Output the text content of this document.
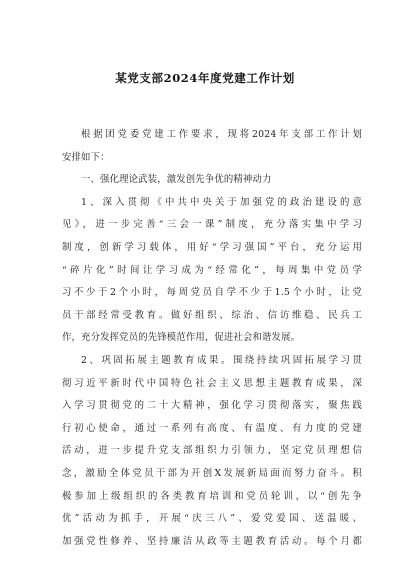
某党支部2024年度党建工作计划
根据团党委党建工作要求，现将2024年支部工作计划
安排如下：
一、强化理论武装，激发创先争优的精神动力
1、深入贯彻《中共中央关于加强党的政治建设的意
见》，进一步完善“三会一课”制度，充分落实集中学习
制度，创新学习载体，用好“学习强国”平台，充分运用
“碎片化”时间让学习成为“经常化”，每周集中党员学
习不少于2个小时，每周党员自学不少于1.5个小时，让党
员干部经常受教育。做好组织、综治、信访维稳、民兵工
作，充分发挥党员的先锋模范作用，促进社会和谐发展。
2、巩固拓展主题教育成果。围绕持续巩固拓展学习贯
彻习近平新时代中国特色社会主义思想主题教育成果，深
入学习贯彻党的二十大精神，强化学习贯彻落实，聚焦践
行初心使命，通过一系列有高度、有温度、有力度的党建
活动，进一步提升党支部组织力引领力，坚定党员理想信
念，激励全体党员干部为开创X发展新局面而努力奋斗。积
极参加上级组织的各类教育培训和党员轮训，以“创先争
优”活动为抓手，开展“庆三八”、爱党爱国、送温暖、
加强党性修养、坚持廉洁从政等主题教育活动。每个月都
